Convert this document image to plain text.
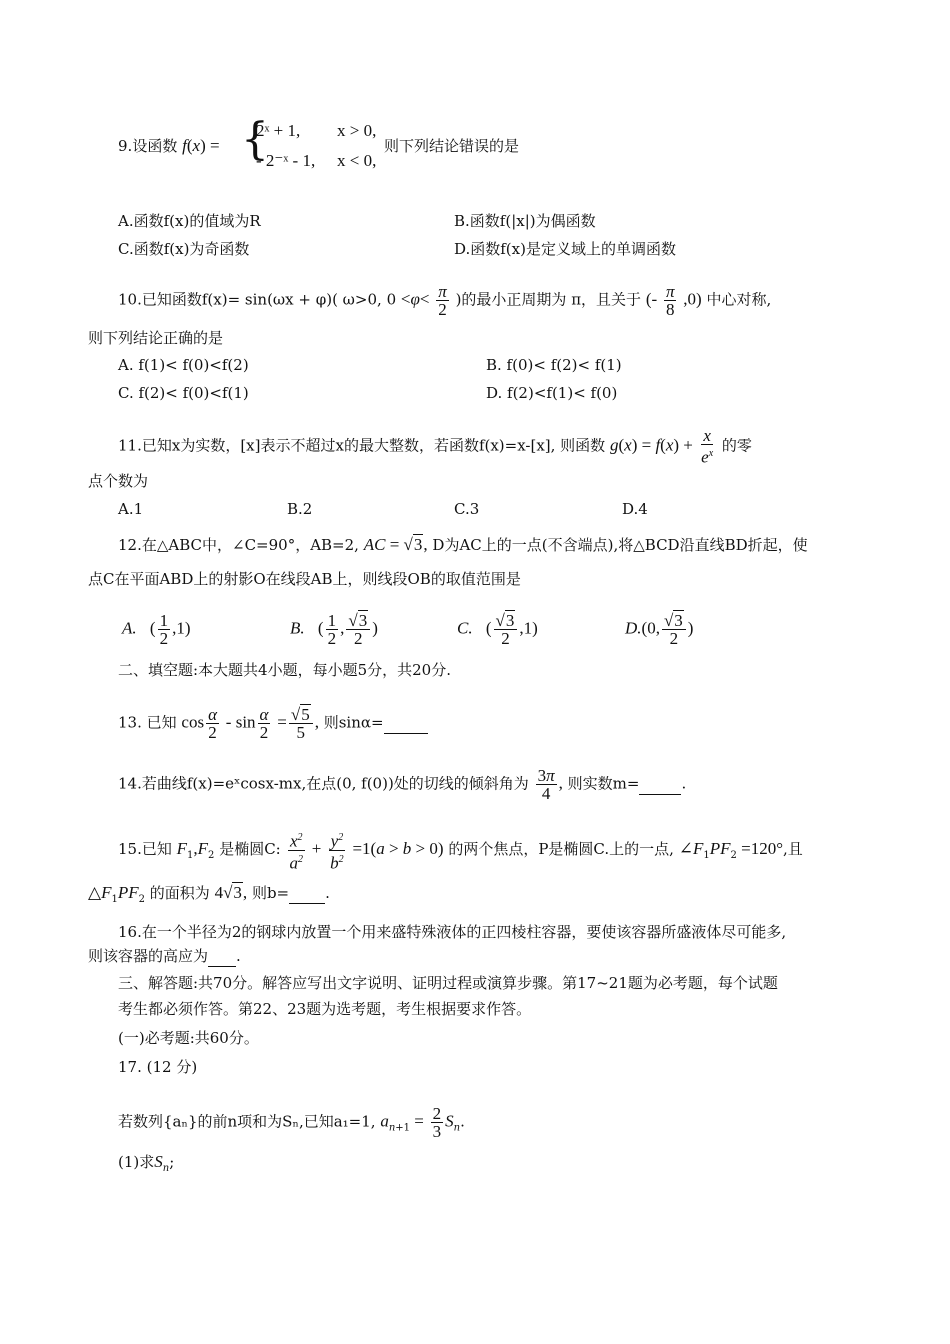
9.设函数 f(x) = {
2ˣ + 1, x > 0,
- 2⁻ˣ - 1, x < 0,
则下列结论错误的是
A.函数f(x)的值域为R	B.函数f(|x|)为偶函数
C.函数f(x)为奇函数	D.函数f(x)是定义域上的单调函数
10.已知函数f(x)= sin(ωx + φ)( ω>0, $0 <\varphi< \frac{\pi}{2}$ )的最小正周期为 π，且关于 (- $\frac{\pi}{8} ,0$) 中心对称,
则下列结论正确的是
A. f(1)< f(0)<f(2)	B. f(0)< f(2)< f(1)
C. f(2)< f(0)<f(1)	D. f(2)<f(1)< f(0)
11.已知x为实数，[x]表示不超过x的最大整数，若函数f(x)=x-[x], 则函数 $g(x) = f(x) + \frac{x}{e^x}$ 的零
点个数为
A.1	B.2	C.3	D.4
12.在△ABC中，∠C=90°，AB=2, AC = √3, D为AC上的一点(不含端点),将△BCD沿直线BD折起，使
点C在平面ABD上的射影O在线段AB上，则线段OB的取值范围是
A.   ( $\frac{1}{2} ,1$)	B.   ( $\frac{1}{2}$ , $\frac{√3}{2}$ )	C.   ( $\frac{√3}{2} ,1$)	D.(0, $\frac{√3}{2}$ )
二、填空题:本大题共4小题，每小题5分，共20分.
13. 已知 $\cos \frac{\alpha}{2} - \sin \frac{\alpha}{2} = \frac{√5}{5}$ , 则sinα=
14.若曲线f(x)=eˣcosx-mx,在点(0, f(0))处的切线的倾斜角为 $\frac{3\pi}{4}$ , 则实数m=	.
15.已知 $F_1,F_2$ 是椭圆C: $\frac{x^2}{a^2} + \frac{y^2}{b^2} =1(a > b > 0)$ 的两个焦点，P是椭圆C.上的一点, $\angle F_1PF_2 =120^\circ$,且
$\triangle F_1PF_2$ 的面积为 4√3, 则b= .
16.在一个半径为2的钢球内放置一个用来盛特殊液体的正四棱柱容器，要使该容器所盛液体尽可能多,
则该容器的高应为 .
三、解答题:共70分。解答应写出文字说明、证明过程或演算步骤。第17~21题为必考题，每个试题
考生都必须作答。第22、23题为选考题，考生根据要求作答。
(一)必考题:共60分。
17. (12 分)
若数列{aₙ}的前n项和为Sₙ,已知a₁=1, $a_{n+1} = \frac{2}{3} S_n$.
(1)求$S_n$;
